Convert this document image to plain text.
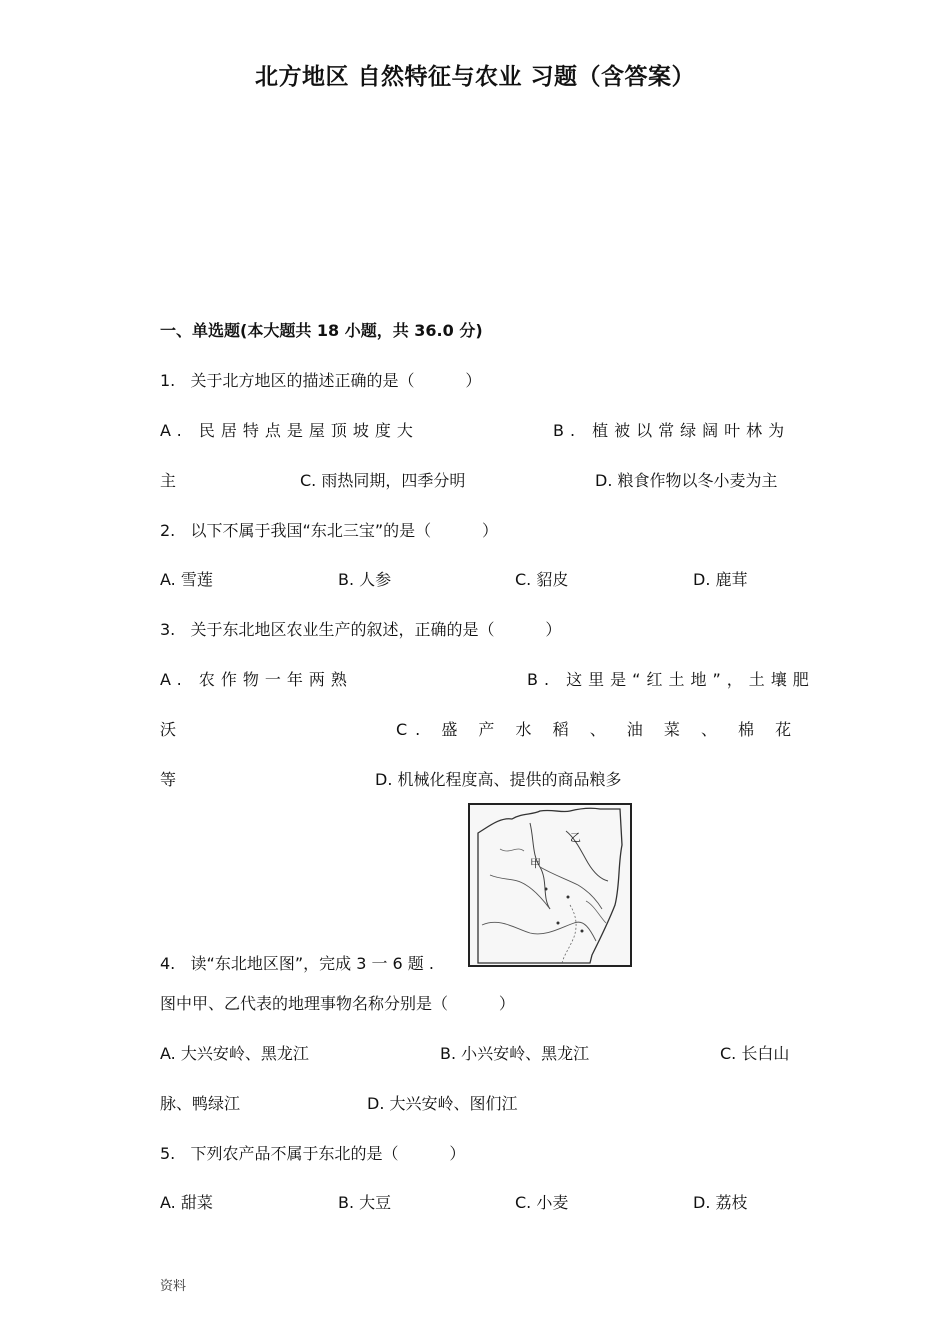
北方地区 自然特征与农业 习题（含答案）
一、单选题(本大题共 18 小题，共 36.0 分)
1.   关于北方地区的描述正确的是（          ）
A. 民居特点是屋顶坡度大	B. 植被以常绿阔叶林为
主	C. 雨热同期，四季分明	D. 粮食作物以冬小麦为主
2.   以下不属于我国“东北三宝”的是（          ）
A. 雪莲	B. 人参	C. 貂皮	D. 鹿茸
3.   关于东北地区农业生产的叙述，正确的是（          ）
A. 农作物一年两熟	B. 这里是“红土地”，土壤肥
沃	C. 盛 产 水 稻 、 油 菜 、 棉 花
等	D. 机械化程度高、提供的商品粮多
甲
乙
4.   读“东北地区图”，完成 3 一 6 题 .
图中甲、乙代表的地理事物名称分别是（          ）
A. 大兴安岭、黑龙江	B. 小兴安岭、黑龙江	C. 长白山
脉、鸭绿江	D. 大兴安岭、图们江
5.   下列农产品不属于东北的是（          ）
A. 甜菜	B. 大豆	C. 小麦	D. 荔枝
资料
